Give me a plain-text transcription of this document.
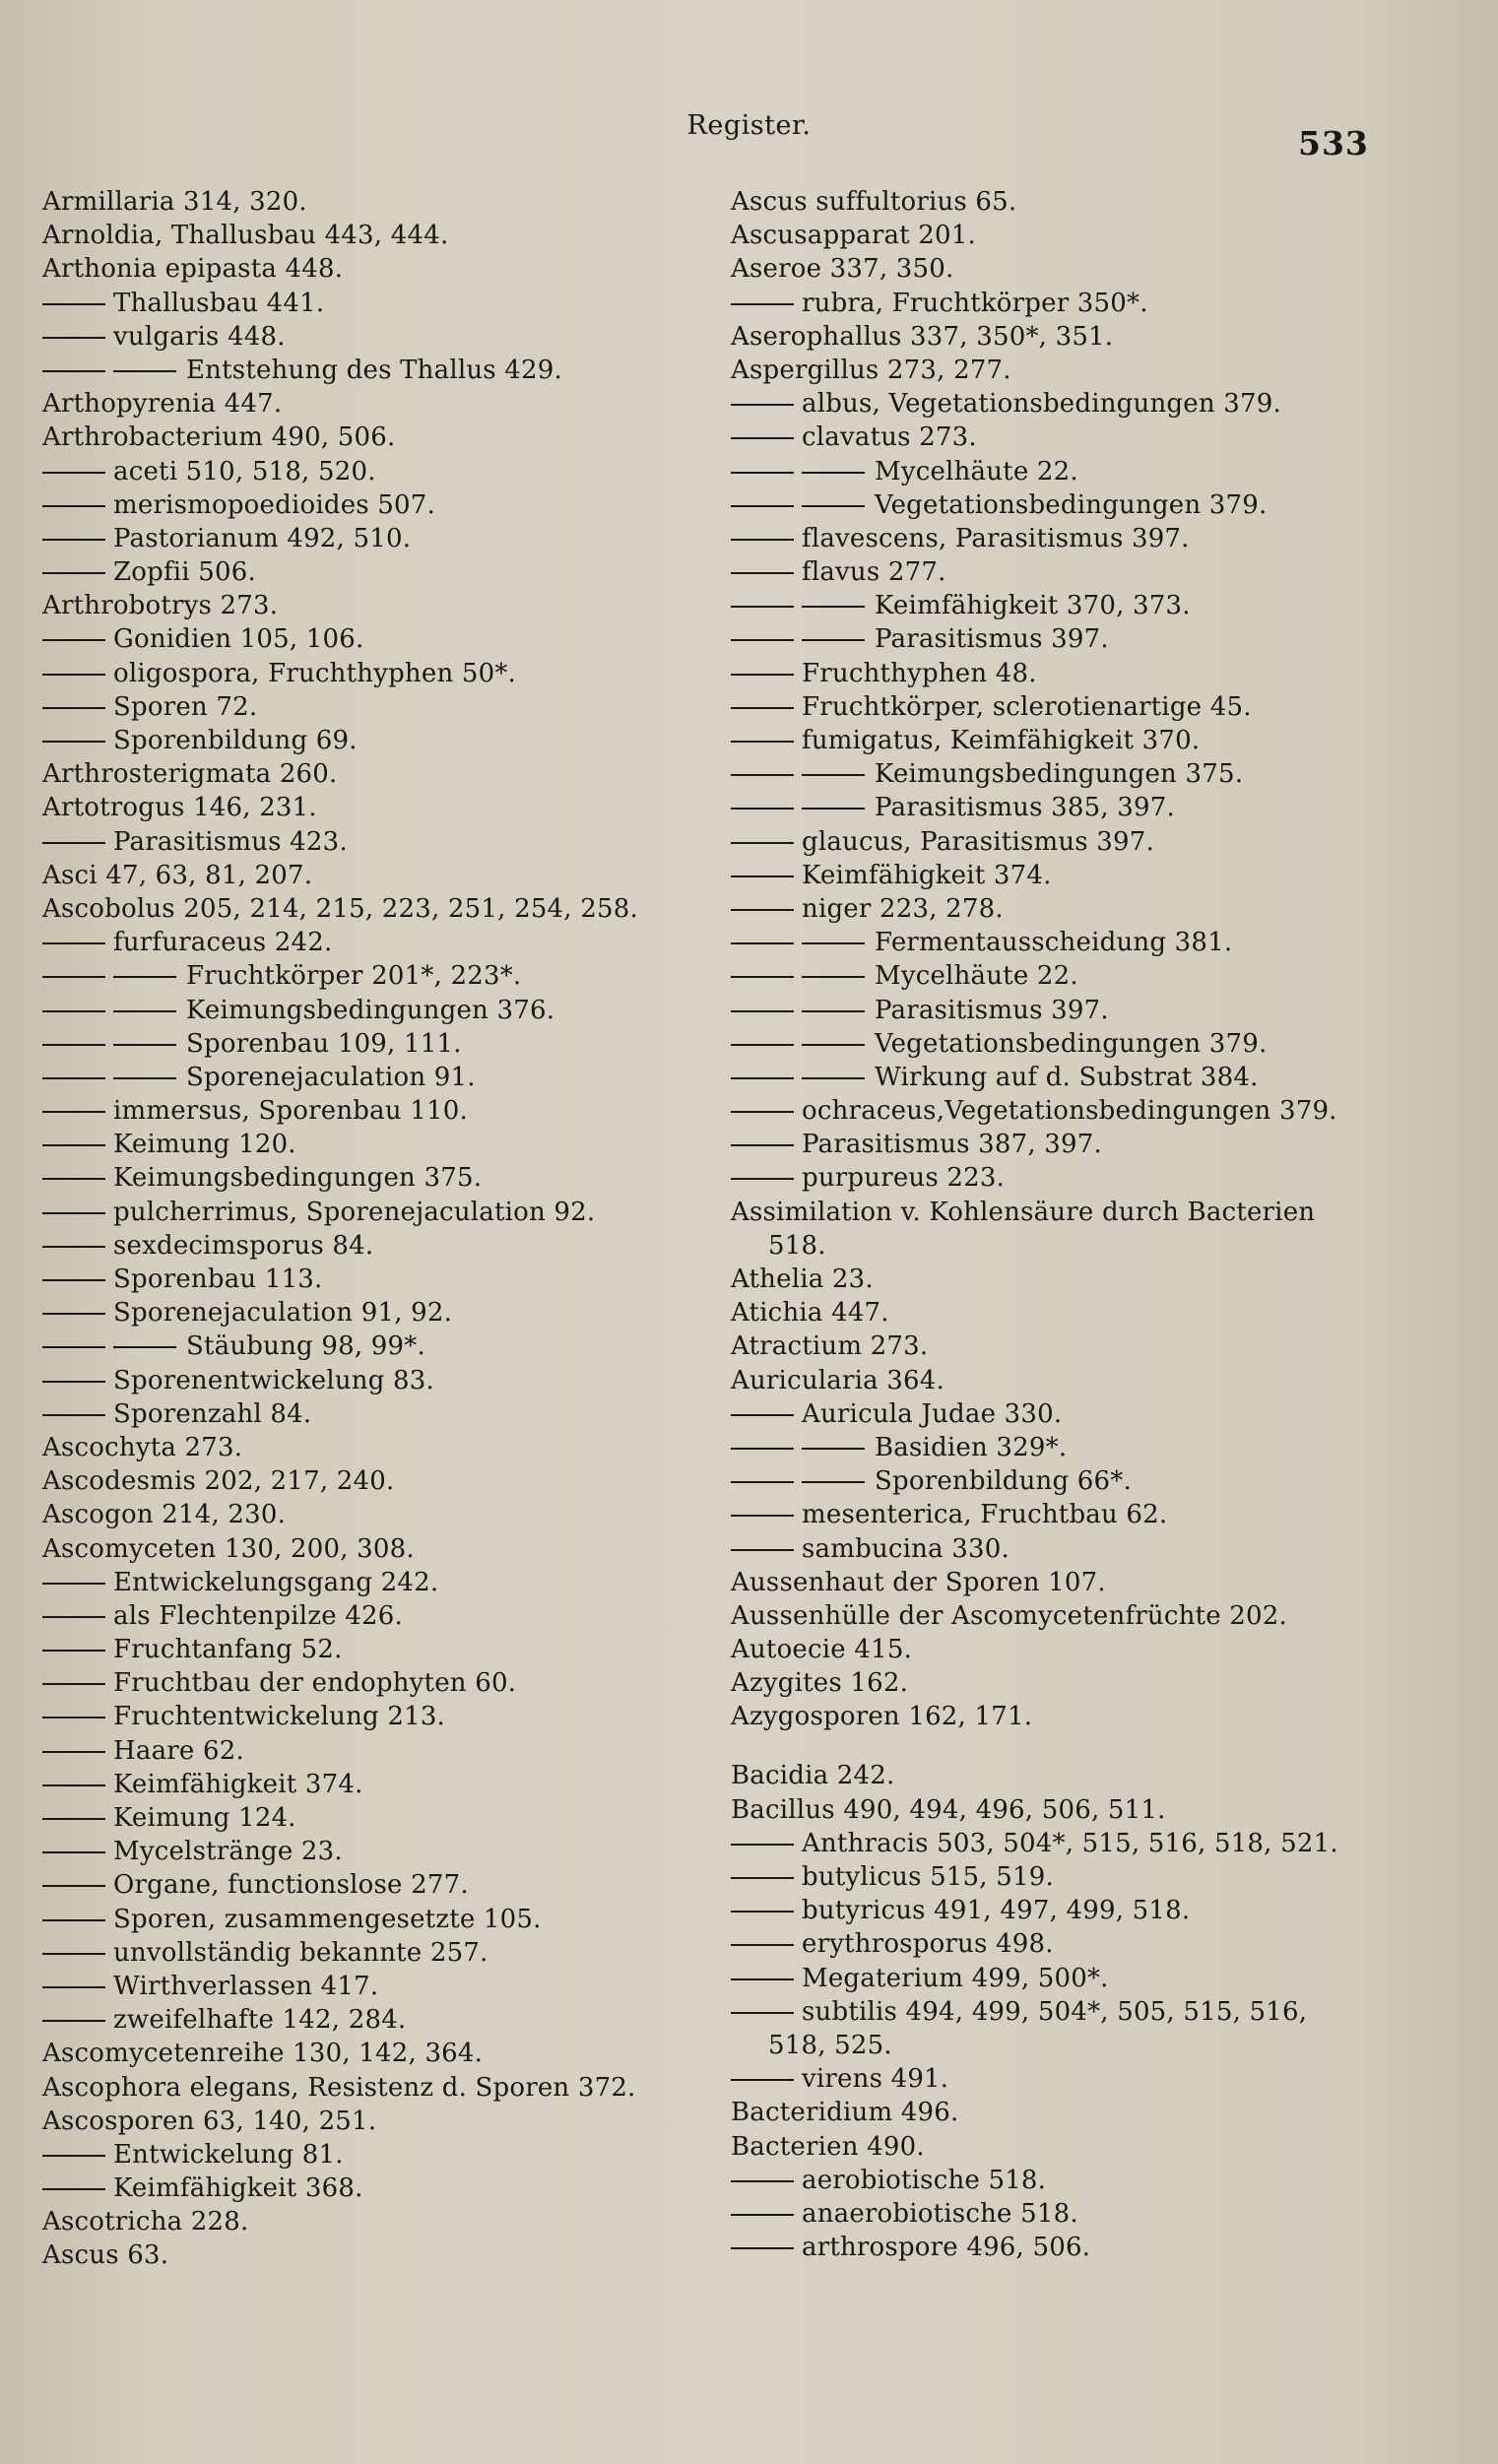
Register.	533
Armillaria 314, 320.
Arnoldia, Thallusbau 443, 444.
Arthonia epipasta 448.
Thallusbau 441.
vulgaris 448.
Entstehung des Thallus 429.
Arthopyrenia 447.
Arthrobacterium 490, 506.
aceti 510, 518, 520.
merismopoedioides 507.
Pastorianum 492, 510.
Zopfii 506.
Arthrobotrys 273.
Gonidien 105, 106.
oligospora, Fruchthyphen 50*.
Sporen 72.
Sporenbildung 69.
Arthrosterigmata 260.
Artotrogus 146, 231.
Parasitismus 423.
Asci 47, 63, 81, 207.
Ascobolus 205, 214, 215, 223, 251, 254, 258.
furfuraceus 242.
Fruchtkörper 201*, 223*.
Keimungsbedingungen 376.
Sporenbau 109, 111.
Sporenejaculation 91.
immersus, Sporenbau 110.
Keimung 120.
Keimungsbedingungen 375.
pulcherrimus, Sporenejaculation 92.
sexdecimsporus 84.
Sporenbau 113.
Sporenejaculation 91, 92.
Stäubung 98, 99*.
Sporenentwickelung 83.
Sporenzahl 84.
Ascochyta 273.
Ascodesmis 202, 217, 240.
Ascogon 214, 230.
Ascomyceten 130, 200, 308.
Entwickelungsgang 242.
als Flechtenpilze 426.
Fruchtanfang 52.
Fruchtbau der endophyten 60.
Fruchtentwickelung 213.
Haare 62.
Keimfähigkeit 374.
Keimung 124.
Mycelstränge 23.
Organe, functionslose 277.
Sporen, zusammengesetzte 105.
unvollständig bekannte 257.
Wirthverlassen 417.
zweifelhafte 142, 284.
Ascomycetenreihe 130, 142, 364.
Ascophora elegans, Resistenz d. Sporen 372.
Ascosporen 63, 140, 251.
Entwickelung 81.
Keimfähigkeit 368.
Ascotricha 228.
Ascus 63.
Ascus suffultorius 65.
Ascusapparat 201.
Aseroe 337, 350.
rubra, Fruchtkörper 350*.
Aserophallus 337, 350*, 351.
Aspergillus 273, 277.
albus, Vegetationsbedingungen 379.
clavatus 273.
Mycelhäute 22.
Vegetationsbedingungen 379.
flavescens, Parasitismus 397.
flavus 277.
Keimfähigkeit 370, 373.
Parasitismus 397.
Fruchthyphen 48.
Fruchtkörper, sclerotienartige 45.
fumigatus, Keimfähigkeit 370.
Keimungsbedingungen 375.
Parasitismus 385, 397.
glaucus, Parasitismus 397.
Keimfähigkeit 374.
niger 223, 278.
Fermentausscheidung 381.
Mycelhäute 22.
Parasitismus 397.
Vegetationsbedingungen 379.
Wirkung auf d. Substrat 384.
ochraceus,Vegetationsbedingungen 379.
Parasitismus 387, 397.
purpureus 223.
Assimilation v. Kohlensäure durch Bacterien
518.
Athelia 23.
Atichia 447.
Atractium 273.
Auricularia 364.
Auricula Judae 330.
Basidien 329*.
Sporenbildung 66*.
mesenterica, Fruchtbau 62.
sambucina 330.
Aussenhaut der Sporen 107.
Aussenhülle der Ascomycetenfrüchte 202.
Autoecie 415.
Azygites 162.
Azygosporen 162, 171.
Bacidia 242.
Bacillus 490, 494, 496, 506, 511.
Anthracis 503, 504*, 515, 516, 518, 521.
butylicus 515, 519.
butyricus 491, 497, 499, 518.
erythrosporus 498.
Megaterium 499, 500*.
subtilis 494, 499, 504*, 505, 515, 516,
518, 525.
virens 491.
Bacteridium 496.
Bacterien 490.
aerobiotische 518.
anaerobiotische 518.
arthrospore 496, 506.
